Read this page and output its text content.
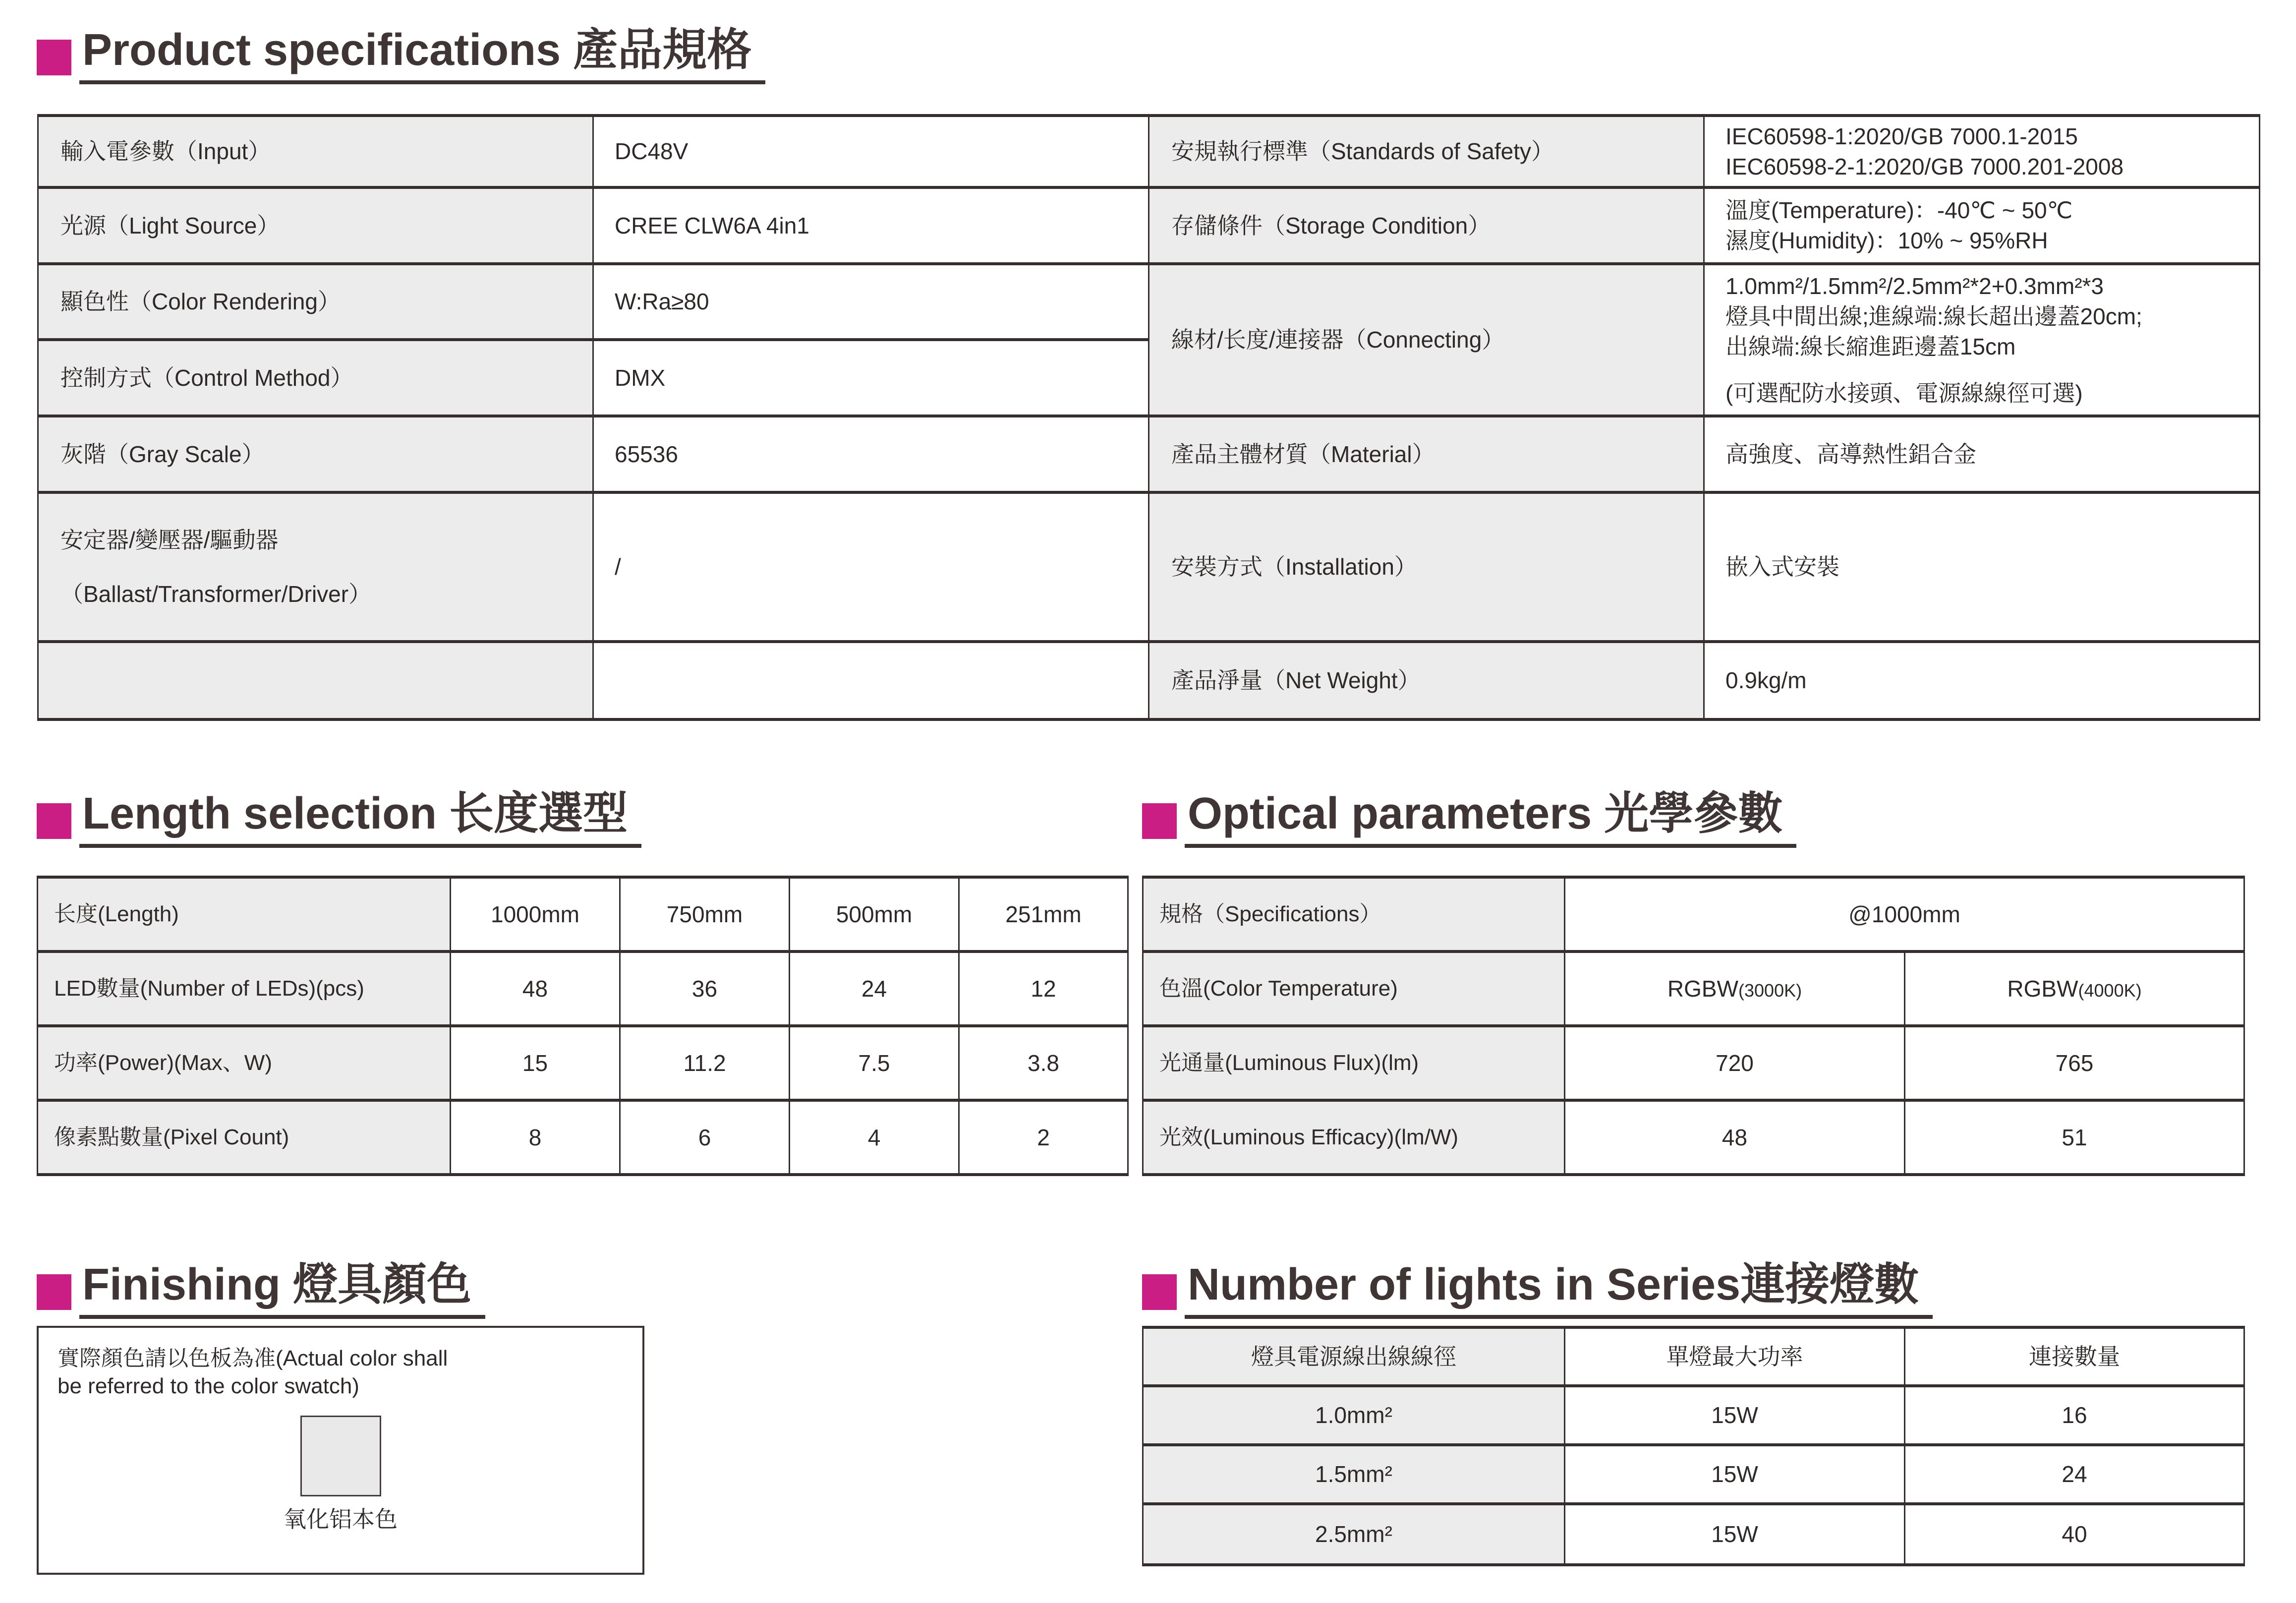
Product specifications 產品規格
輸入電參數（Input）	DC48V	安規執行標準（Standards of Safety）	IEC60598-1:2020/GB 7000.1-2015
IEC60598-2-1:2020/GB 7000.201-2008

光源（Light Source）	CREE CLW6A 4in1	存儲條件（Storage Condition）	溫度(Temperature)：-40℃ ~ 50℃
濕度(Humidity)：10% ~ 95%RH

顯色性（Color Rendering）	W:Ra≥80	線材/长度/連接器（Connecting）	1.0mm²/1.5mm²/2.5mm²*2+0.3mm²*3
燈具中間出線;進線端:線长超出邊蓋20cm;
出線端:線长縮進距邊蓋15cm
(可選配防水接頭、電源線線徑可選)

控制方式（Control Method）	DMX		
灰階（Gray Scale）	65536	產品主體材質（Material）	高強度、高導熱性鋁合金

安定器/變壓器/驅動器
（Ballast/Transformer/Driver）	/	安裝方式（Installation）	嵌入式安裝
		產品淨量（Net Weight）	0.9kg/m
Length selection 长度選型	Optical parameters 光學參數
长度(Length)	1000mm	750mm	500mm	251mm
LED數量(Number of LEDs)(pcs)	48	36	24	12
功率(Power)(Max、W)	15	11.2	7.5	3.8
像素點數量(Pixel Count)	8	6	4	2
規格（Specifications）	@1000mm	
色溫(Color Temperature)	RGBW(3000K)	RGBW(4000K)
光通量(Luminous Flux)(lm)	720	765
光效(Luminous Efficacy)(lm/W)	48	51
Finishing 燈具顏色	Number of lights in Series連接燈數
實際顏色請以色板為准(Actual color shall
be referred to the color swatch)
氧化铝本色
燈具電源線出線線徑	單燈最大功率	連接數量
1.0mm²	15W	16
1.5mm²	15W	24
2.5mm²	15W	40
